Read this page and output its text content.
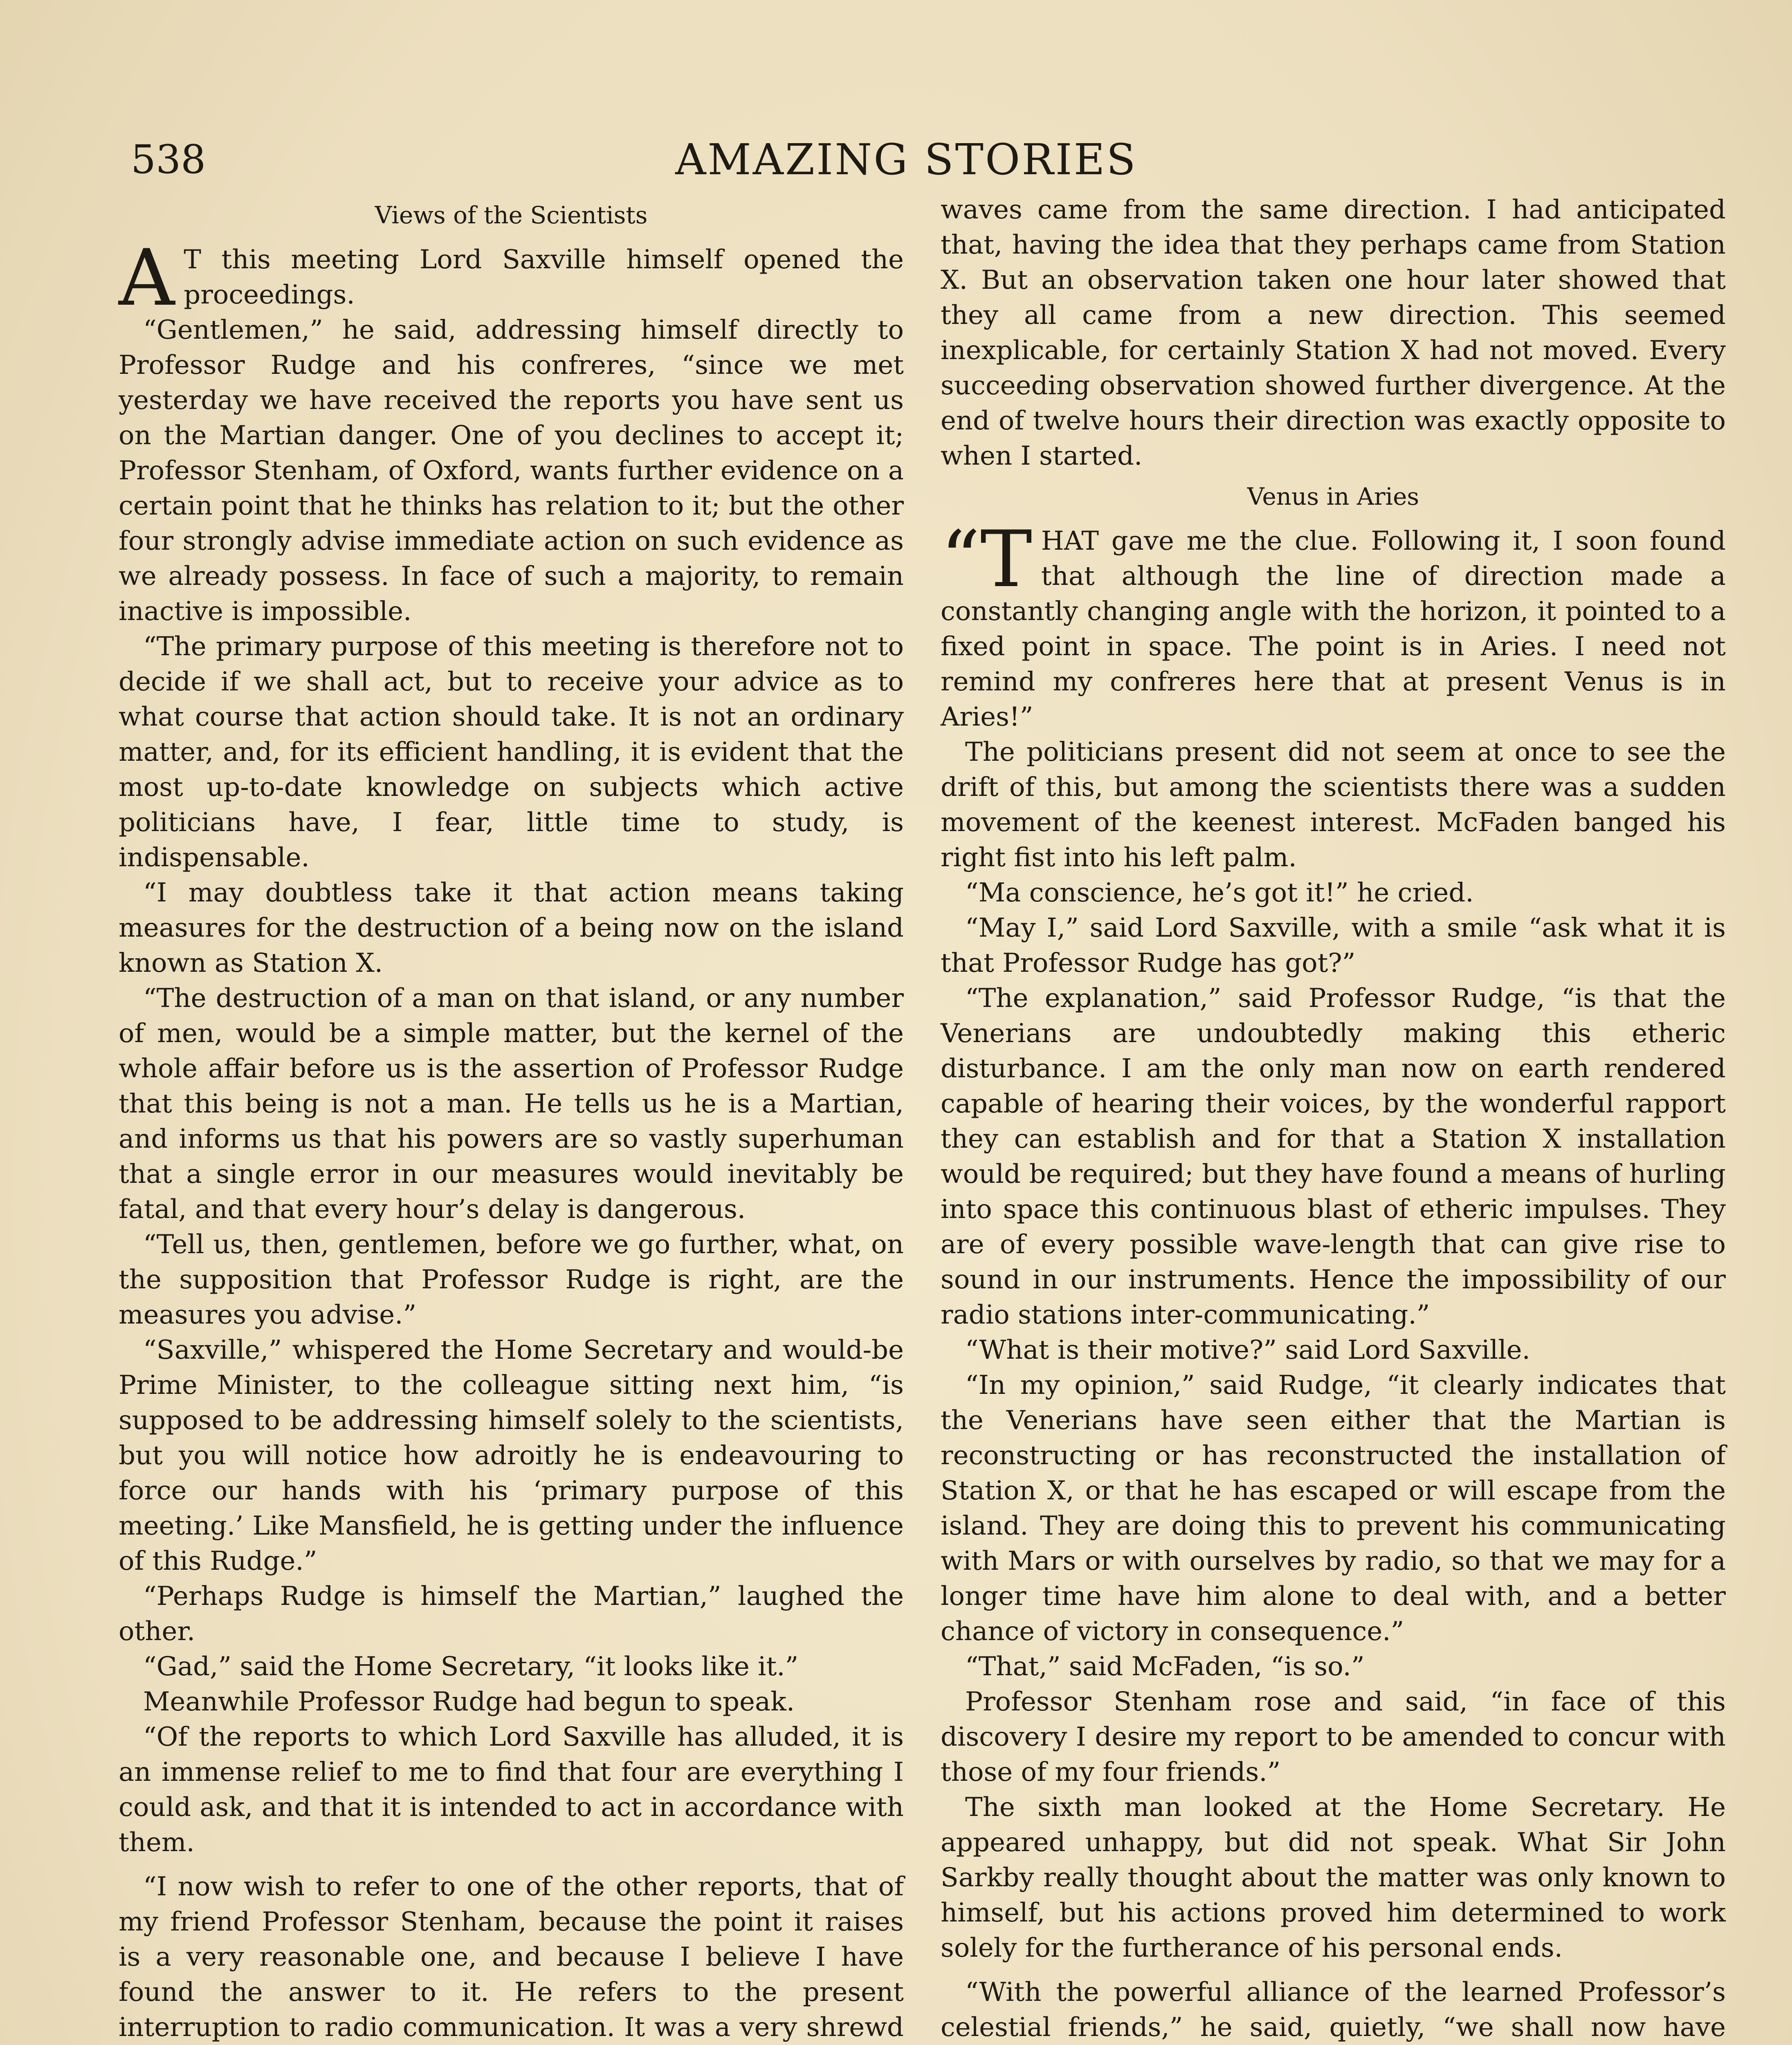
538	AMAZING STORIES
Views of the Scientists

A T this meeting Lord Saxville himself opened the proceedings.

“Gentlemen,” he said, addressing himself directly to Professor Rudge and his confreres, “since we met yesterday we have received the reports you have sent us on the Martian danger. One of you declines to accept it; Professor Stenham, of Oxford, wants further evidence on a certain point that he thinks has relation to it; but the other four strongly advise immediate action on such evidence as we already possess. In face of such a majority, to remain inactive is impossible.

“The primary purpose of this meeting is therefore not to decide if we shall act, but to receive your advice as to what course that action should take. It is not an ordinary matter, and, for its efficient handling, it is evident that the most up-to-date knowledge on subjects which active politicians have, I fear, little time to study, is indispensable.

“I may doubtless take it that action means taking measures for the destruction of a being now on the island known as Station X.

“The destruction of a man on that island, or any number of men, would be a simple matter, but the kernel of the whole affair before us is the assertion of Professor Rudge that this being is not a man. He tells us he is a Martian, and informs us that his powers are so vastly superhuman that a single error in our measures would inevitably be fatal, and that every hour’s delay is dangerous.

“Tell us, then, gentlemen, before we go further, what, on the supposition that Professor Rudge is right, are the measures you advise.”

“Saxville,” whispered the Home Secretary and would-be Prime Minister, to the colleague sitting next him, “is supposed to be addressing himself solely to the scientists, but you will notice how adroitly he is endeavouring to force our hands with his ‘primary purpose of this meeting.’ Like Mansfield, he is getting under the influence of this Rudge.”

“Perhaps Rudge is himself the Martian,” laughed the other.

“Gad,” said the Home Secretary, “it looks like it.”

Meanwhile Professor Rudge had begun to speak.

“Of the reports to which Lord Saxville has alluded, it is an immense relief to me to find that four are everything I could ask, and that it is intended to act in accordance with them.

“I now wish to refer to one of the other reports, that of my friend Professor Stenham, because the point it raises is a very reasonable one, and because I believe I have found the answer to it. He refers to the present interruption to radio communication. It was a very shrewd

waves came from the same direction. I had anticipated that, having the idea that they perhaps came from Station X. But an observation taken one hour later showed that they all came from a new direction. This seemed inexplicable, for certainly Station X had not moved. Every succeeding observation showed further divergence. At the end of twelve hours their direction was exactly opposite to when I started.

Venus in Aries

“THAT gave me the clue. Following it, I soon found that although the line of direction made a constantly changing angle with the horizon, it pointed to a fixed point in space. The point is in Aries. I need not remind my confreres here that at present Venus is in Aries!”

The politicians present did not seem at once to see the drift of this, but among the scientists there was a sudden movement of the keenest interest. McFaden banged his right fist into his left palm.

“Ma conscience, he’s got it!” he cried.

“May I,” said Lord Saxville, with a smile “ask what it is that Professor Rudge has got?”

“The explanation,” said Professor Rudge, “is that the Venerians are undoubtedly making this etheric disturbance. I am the only man now on earth rendered capable of hearing their voices, by the wonderful rapport they can establish and for that a Station X installation would be required; but they have found a means of hurling into space this continuous blast of etheric impulses. They are of every possible wave-length that can give rise to sound in our instruments. Hence the impossibility of our radio stations inter-communicating.”

“What is their motive?” said Lord Saxville.

“In my opinion,” said Rudge, “it clearly indicates that the Venerians have seen either that the Martian is reconstructing or has reconstructed the installation of Station X, or that he has escaped or will escape from the island. They are doing this to prevent his communicating with Mars or with ourselves by radio, so that we may for a longer time have him alone to deal with, and a better chance of victory in consequence.”

“That,” said McFaden, “is so.”

Professor Stenham rose and said, “in face of this discovery I desire my report to be amended to concur with those of my four friends.”

The sixth man looked at the Home Secretary. He appeared unhappy, but did not speak. What Sir John Sarkby really thought about the matter was only known to himself, but his actions proved him determined to work solely for the furtherance of his personal ends.

“With the powerful alliance of the learned Professor’s celestial friends,” he said, quietly, “we shall now have
